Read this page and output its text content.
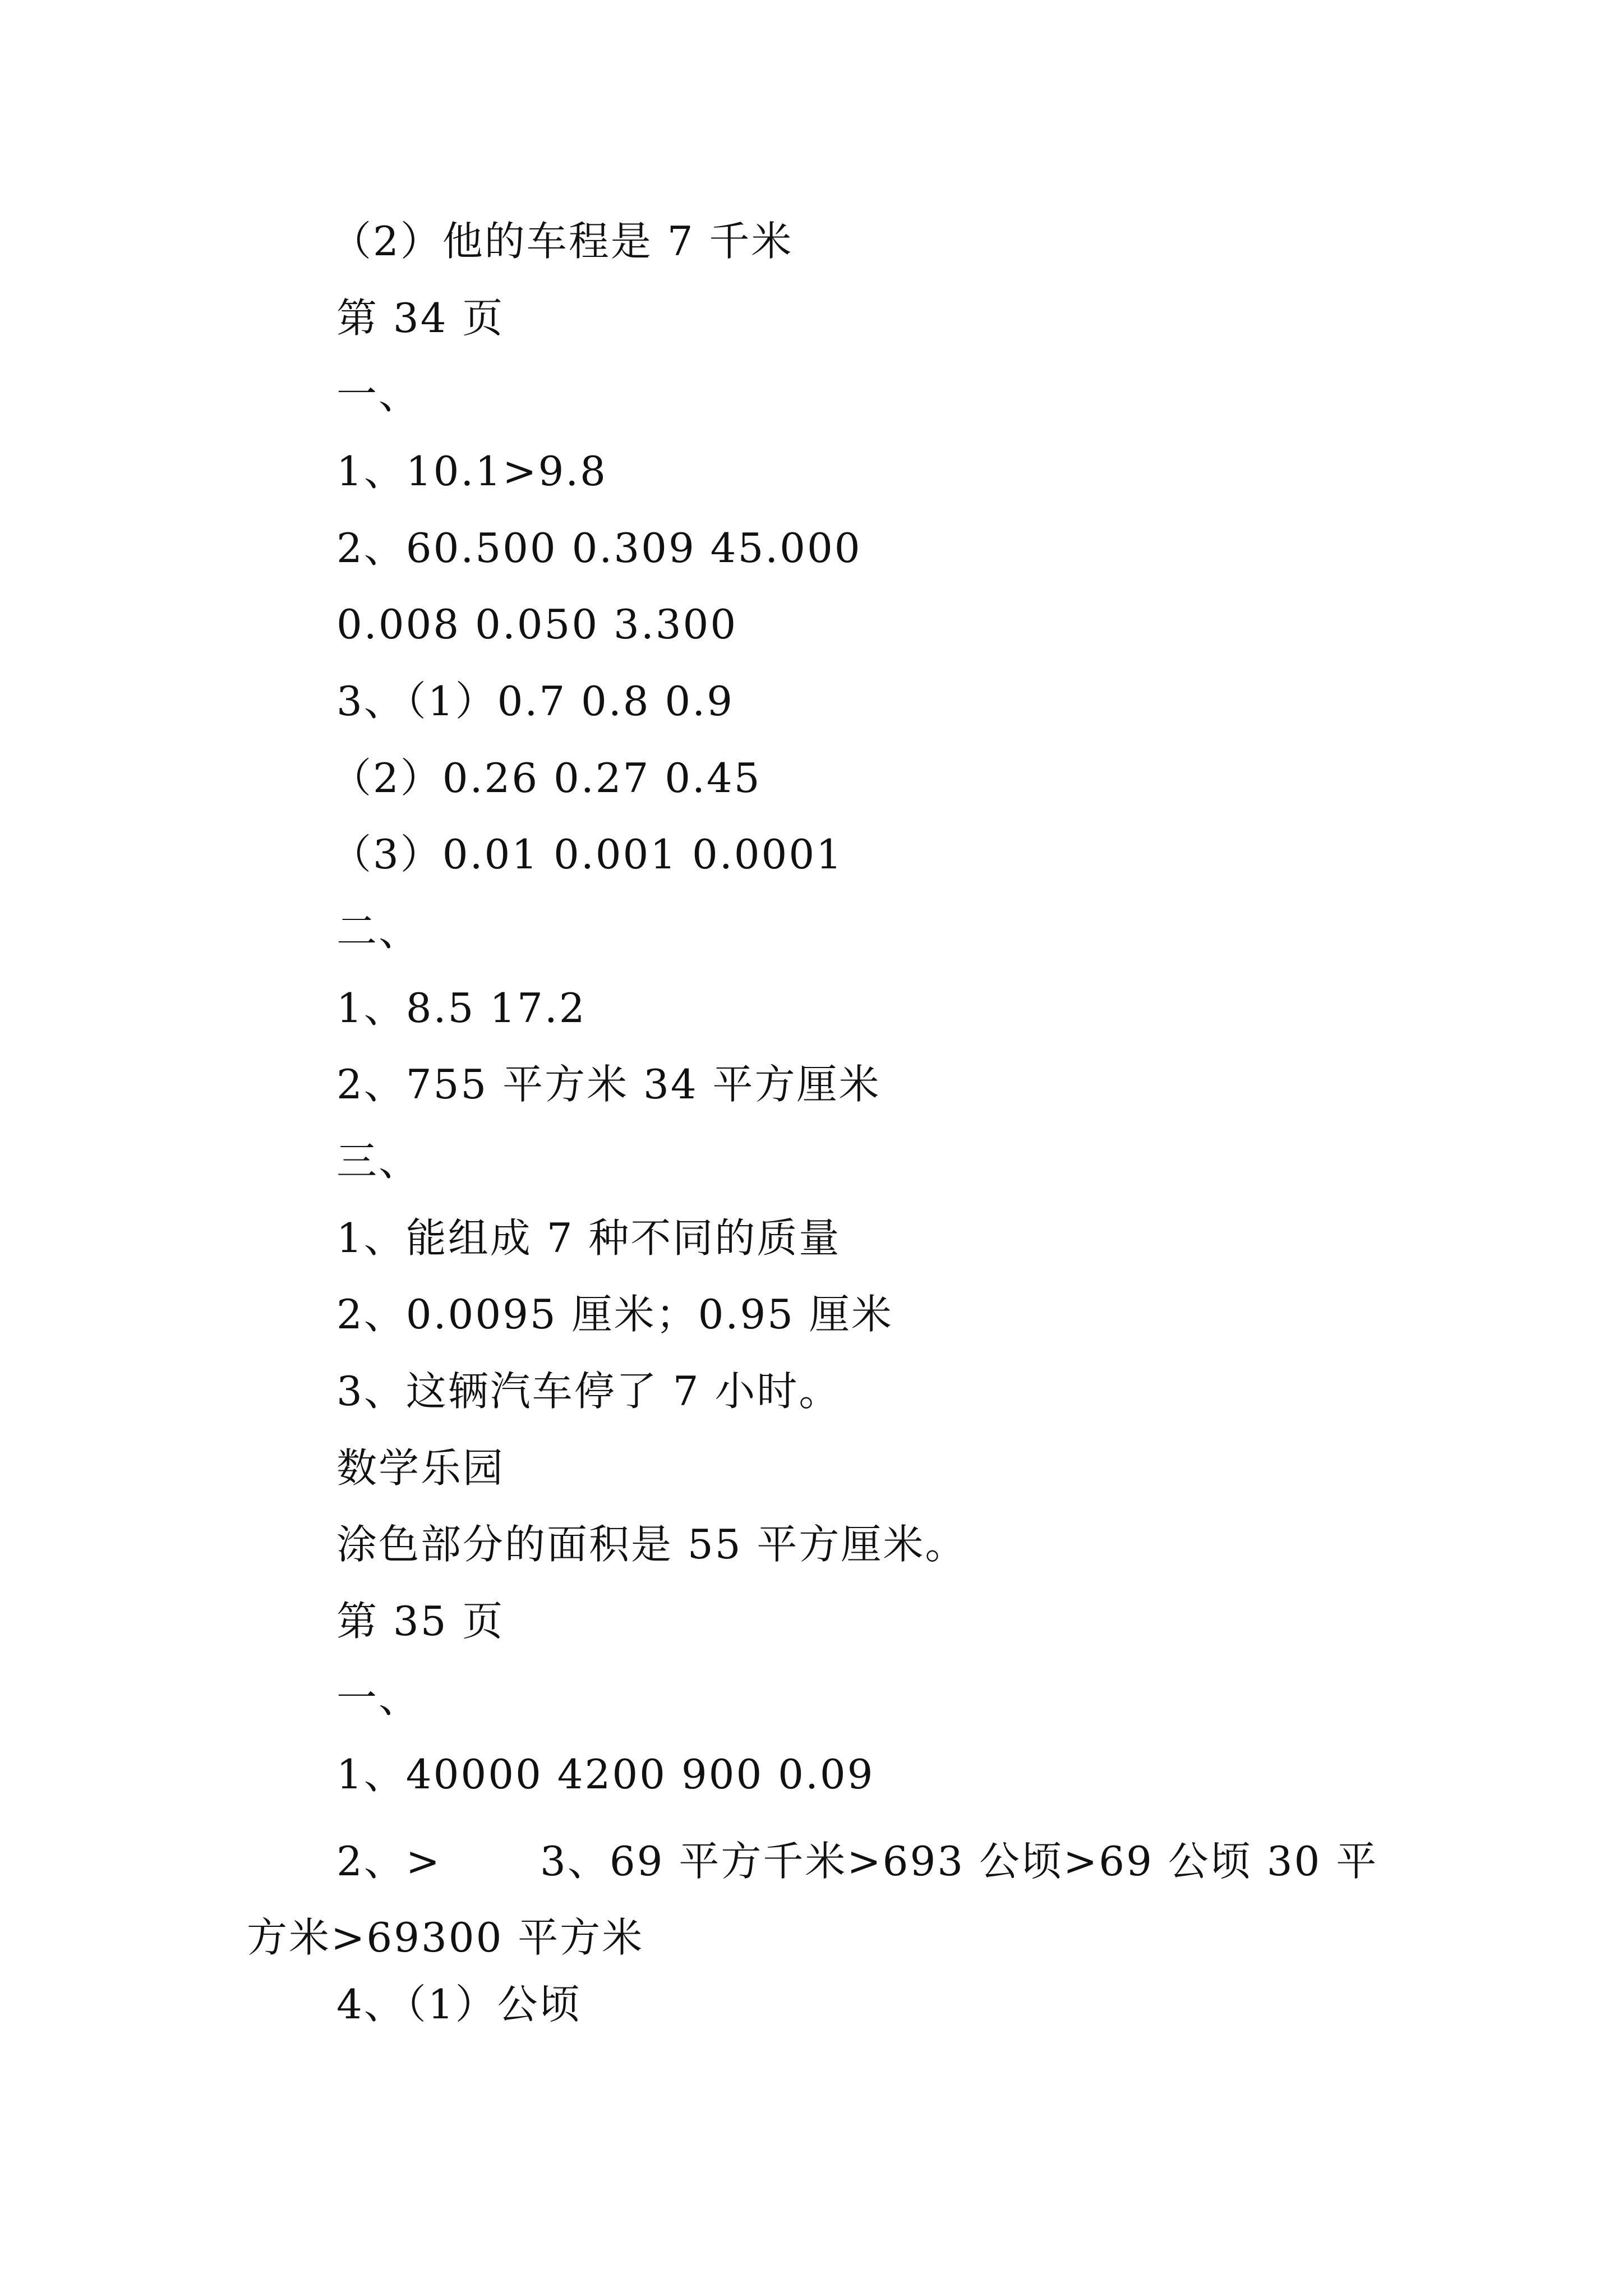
（2）他的车程是 7 千米
第 34 页
一、
1、10.1>9.8
2、60.500 0.309 45.000
0.008 0.050 3.300
3、（1）0.7 0.8 0.9
（2）0.26 0.27 0.45
（3）0.01 0.001 0.0001
二、
1、8.5 17.2
2、755 平方米 34 平方厘米
三、
1、能组成 7 种不同的质量
2、0.0095 厘米；0.95 厘米
3、这辆汽车停了 7 小时。
数学乐园
涂色部分的面积是 55 平方厘米。
第 35 页
一、
1、40000 4200 900 0.09
2、>　　 3、69 平方千米>693 公顷>69 公顷 30 平方米>69300 平方米
4、（1）公顷
